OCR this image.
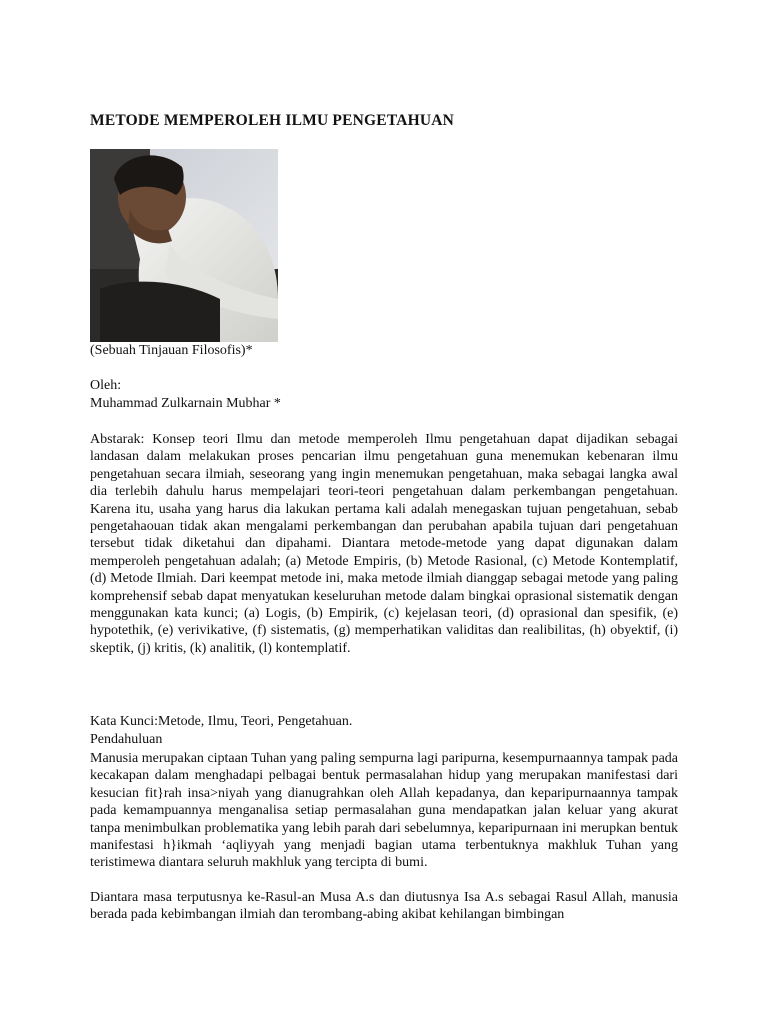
METODE MEMPEROLEH ILMU PENGETAHUAN
(Sebuah Tinjauan Filosofis)*
Oleh:
Muhammad Zulkarnain Mubhar *

Abstarak: Konsep teori Ilmu dan metode memperoleh Ilmu pengetahuan dapat dijadikan sebagai landasan dalam melakukan proses pencarian ilmu pengetahuan guna menemukan kebenaran ilmu pengetahuan secara ilmiah, seseorang yang ingin menemukan pengetahuan, maka sebagai langka awal dia terlebih dahulu harus mempelajari teori-teori pengetahuan dalam perkembangan pengetahuan. Karena itu, usaha yang harus dia lakukan pertama kali adalah menegaskan tujuan pengetahuan, sebab pengetahaouan tidak akan mengalami perkembangan dan perubahan apabila tujuan dari pengetahuan tersebut tidak diketahui dan dipahami. Diantara metode-metode yang dapat digunakan dalam memperoleh pengetahuan adalah; (a) Metode Empiris, (b) Metode Rasional, (c) Metode Kontemplatif, (d) Metode Ilmiah. Dari keempat metode ini, maka metode ilmiah dianggap sebagai metode yang paling komprehensif sebab dapat menyatukan keseluruhan metode dalam bingkai oprasional sistematik dengan menggunakan kata kunci; (a) Logis, (b) Empirik, (c) kejelasan teori, (d) oprasional dan spesifik, (e) hypotethik, (e) verivikative, (f) sistematis, (g) memperhatikan validitas dan realibilitas, (h) obyektif, (i) skeptik, (j) kritis, (k) analitik, (l) kontemplatif.

Kata Kunci:Metode, Ilmu, Teori, Pengetahuan.
Pendahuluan

Manusia merupakan ciptaan Tuhan yang paling sempurna lagi paripurna, kesempurnaannya tampak pada kecakapan dalam menghadapi pelbagai bentuk permasalahan hidup yang merupakan manifestasi dari kesucian fit}rah insa>niyah yang dianugrahkan oleh Allah kepadanya, dan keparipurnaannya tampak pada kemampuannya menganalisa setiap permasalahan guna mendapatkan jalan keluar yang akurat tanpa menimbulkan problematika yang lebih parah dari sebelumnya, keparipurnaan ini merupkan bentuk manifestasi h}ikmah ‘aqliyyah yang menjadi bagian utama terbentuknya makhluk Tuhan yang teristimewa diantara seluruh makhluk yang tercipta di bumi.

Diantara masa terputusnya ke-Rasul-an Musa A.s dan diutusnya Isa A.s sebagai Rasul Allah, manusia berada pada kebimbangan ilmiah dan terombang-abing akibat kehilangan bimbingan
